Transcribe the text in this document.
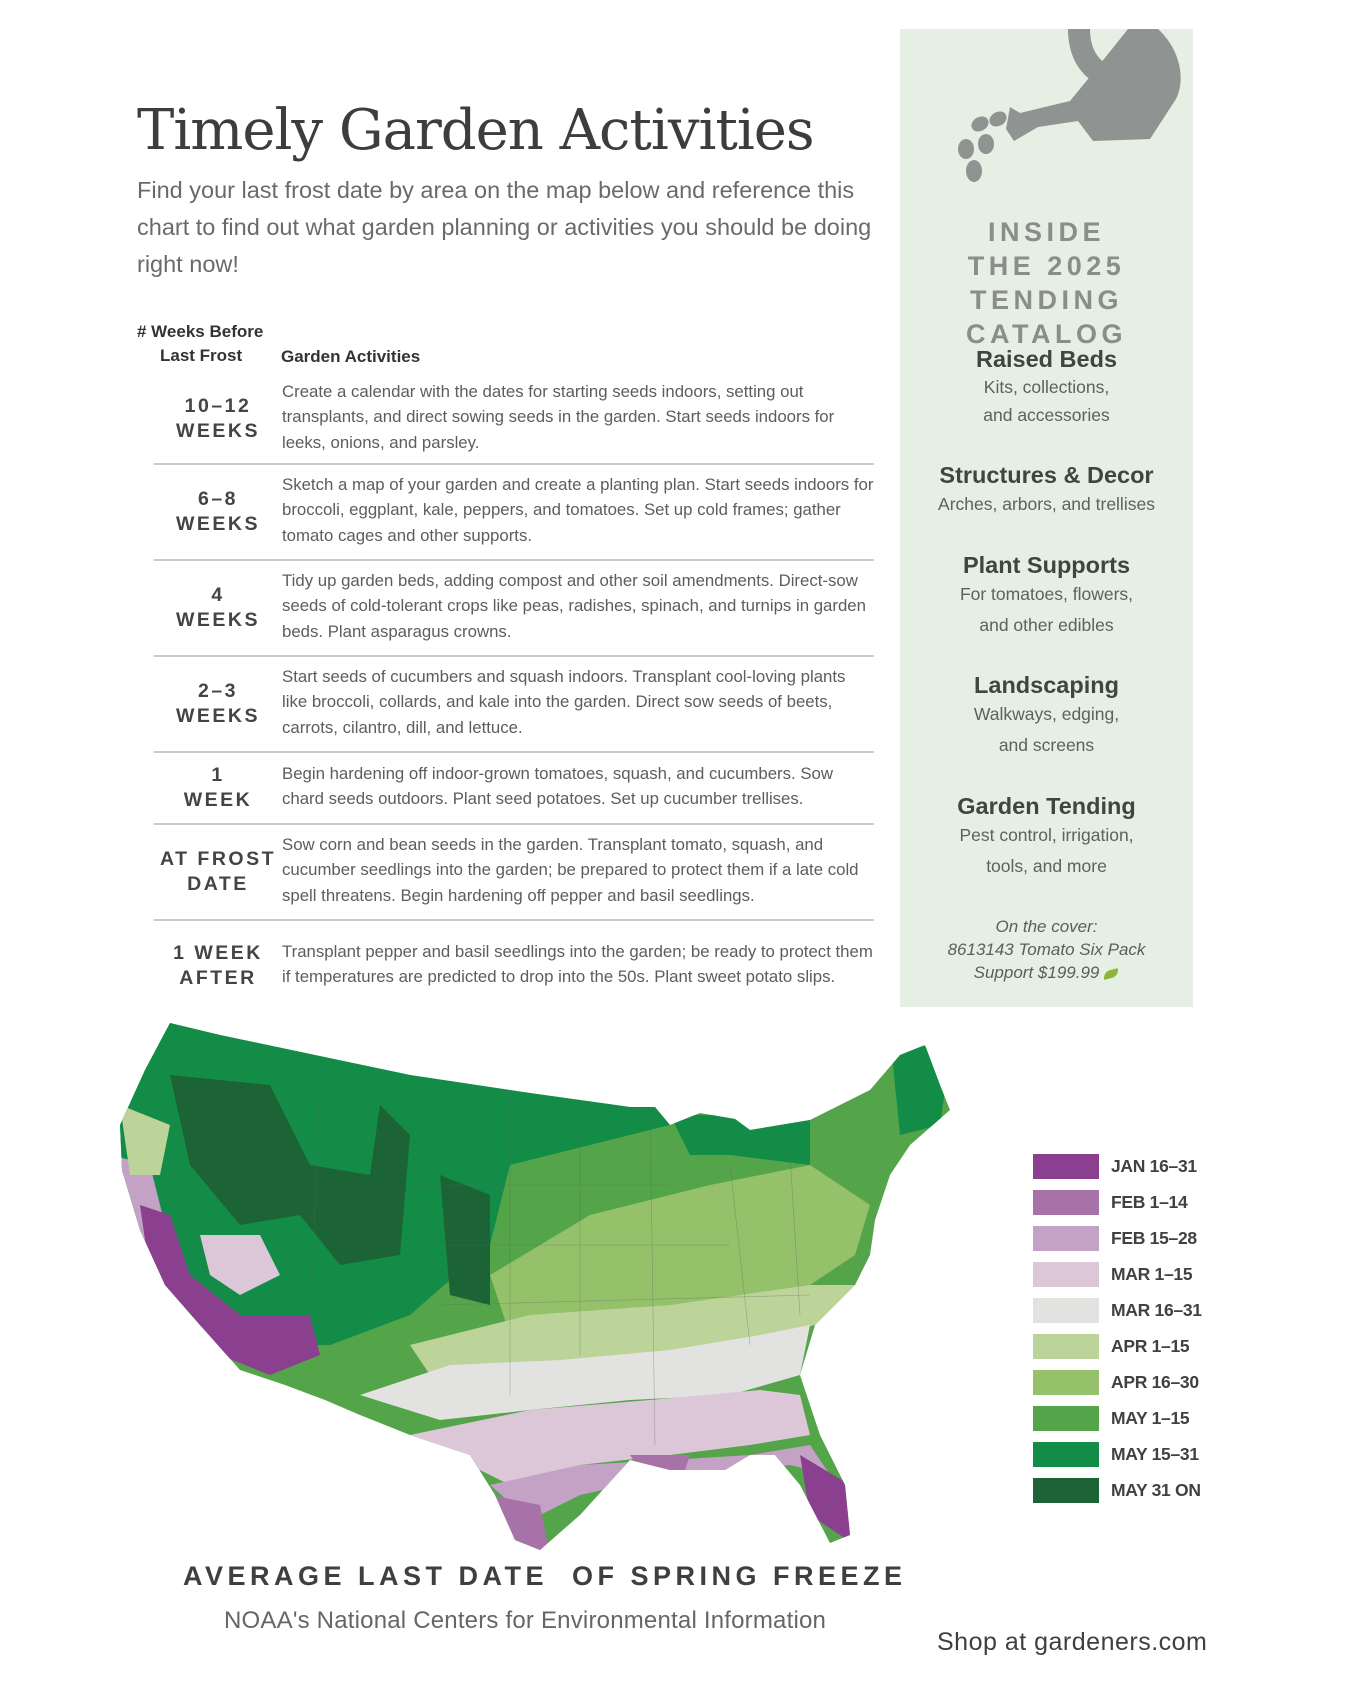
Timely Garden Activities
Find your last frost date by area on the map below and reference this chart to find out what garden planning or activities you should be doing right now!
# Weeks Before
Last Frost	Garden Activities
10–12
WEEKS
Create a calendar with the dates for starting seeds indoors, setting out transplants, and direct sowing seeds in the garden. Start seeds indoors for leeks, onions, and parsley.
6–8
WEEKS
Sketch a map of your garden and create a planting plan. Start seeds indoors for broccoli, eggplant, kale, peppers, and tomatoes. Set up cold frames; gather tomato cages and other supports.
4
WEEKS
Tidy up garden beds, adding compost and other soil amendments. Direct-sow seeds of cold-tolerant crops like peas, radishes, spinach, and turnips in garden beds. Plant asparagus crowns.
2–3
WEEKS
Start seeds of cucumbers and squash indoors. Transplant cool-loving plants like broccoli, collards, and kale into the garden. Direct sow seeds of beets, carrots, cilantro, dill, and lettuce.
1
WEEK
Begin hardening off indoor-grown tomatoes, squash, and cucumbers. Sow chard seeds outdoors. Plant seed potatoes. Set up cucumber trellises.
AT FROST
DATE
Sow corn and bean seeds in the garden. Transplant tomato, squash, and cucumber seedlings into the garden; be prepared to protect them if a late cold spell threatens. Begin hardening off pepper and basil seedlings.
1 WEEK
AFTER
Transplant pepper and basil seedlings into the garden; be ready to protect them if temperatures are predicted to drop into the 50s. Plant sweet potato slips.
INSIDE
THE 2025
TENDING
CATALOG
Raised Beds
Kits, collections,
and accessories
Structures & Decor
Arches, arbors, and trellises
Plant Supports
For tomatoes, flowers,
and other edibles
Landscaping
Walkways, edging,
and screens
Garden Tending
Pest control, irrigation,
tools, and more
On the cover:
8613143 Tomato Six Pack
Support $199.99
JAN 16–31
FEB 1–14
FEB 15–28
MAR 1–15
MAR 16–31
APR 1–15
APR 16–30
MAY 1–15
MAY 15–31
MAY 31 ON
AVERAGE LAST DATE OF SPRING FREEZE
NOAA's National Centers for Environmental Information
Shop at gardeners.com
